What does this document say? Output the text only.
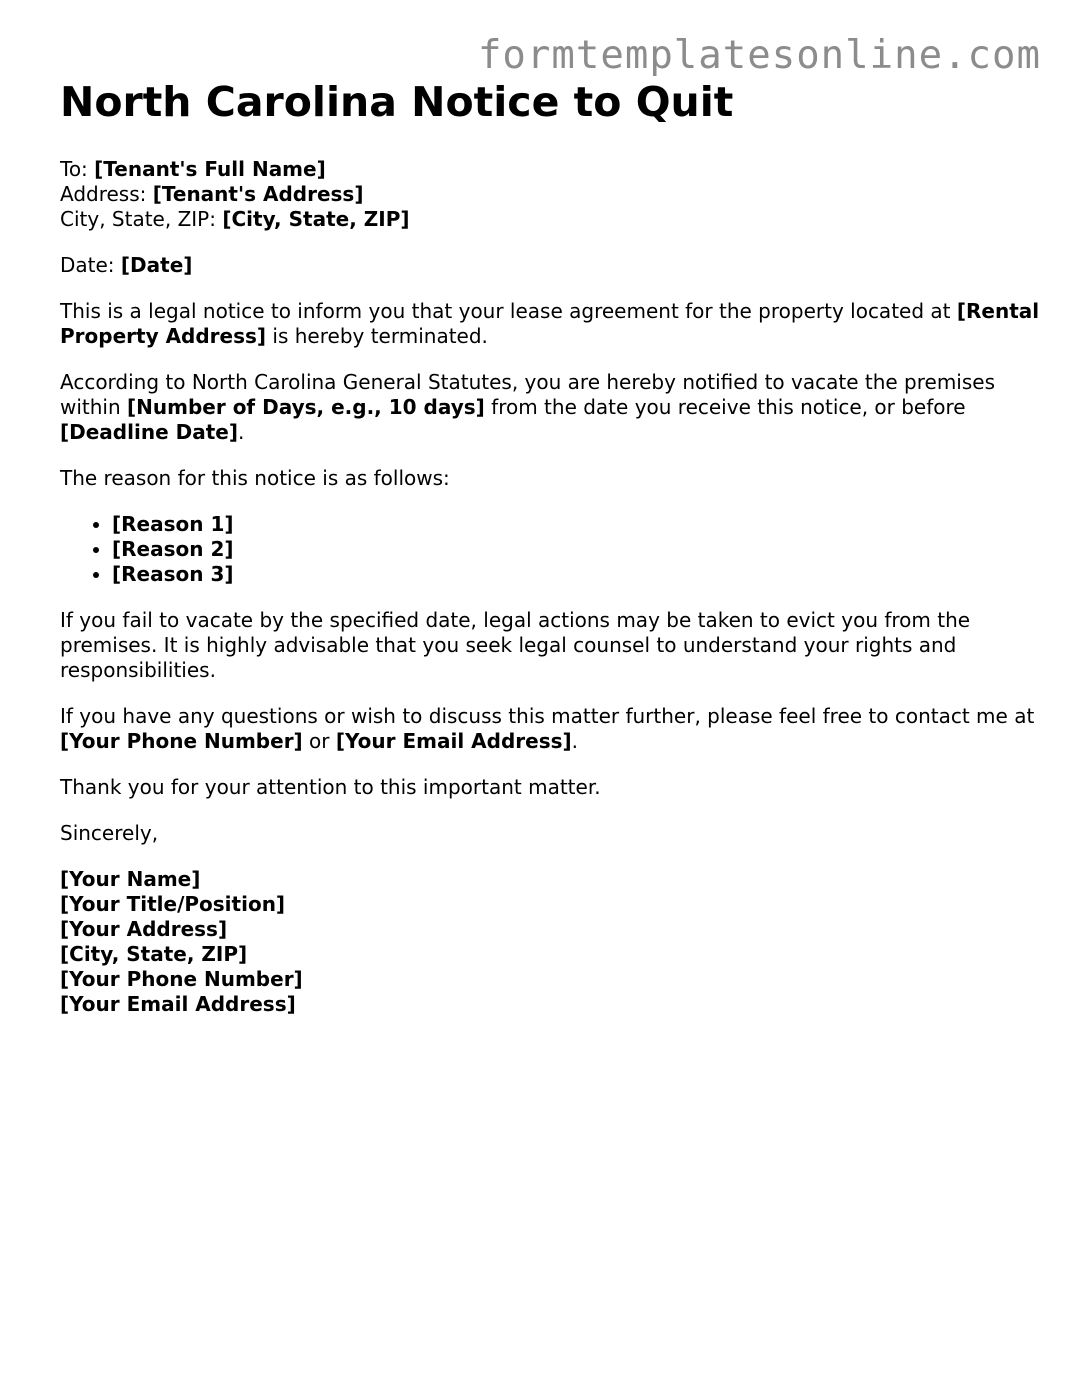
formtemplatesonline.com
North Carolina Notice to Quit

To: [Tenant's Full Name]
Address: [Tenant's Address]
City, State, ZIP: [City, State, ZIP]

Date: [Date]

This is a legal notice to inform you that your lease agreement for the property located at [Rental Property Address] is hereby terminated.

According to North Carolina General Statutes, you are hereby notified to vacate the premises within [Number of Days, e.g., 10 days] from the date you receive this notice, or before [Deadline Date].

The reason for this notice is as follows:

• [Reason 1]
• [Reason 2]
• [Reason 3]

If you fail to vacate by the specified date, legal actions may be taken to evict you from the premises. It is highly advisable that you seek legal counsel to understand your rights and responsibilities.

If you have any questions or wish to discuss this matter further, please feel free to contact me at [Your Phone Number] or [Your Email Address].

Thank you for your attention to this important matter.

Sincerely,

[Your Name]
[Your Title/Position]
[Your Address]
[City, State, ZIP]
[Your Phone Number]
[Your Email Address]
